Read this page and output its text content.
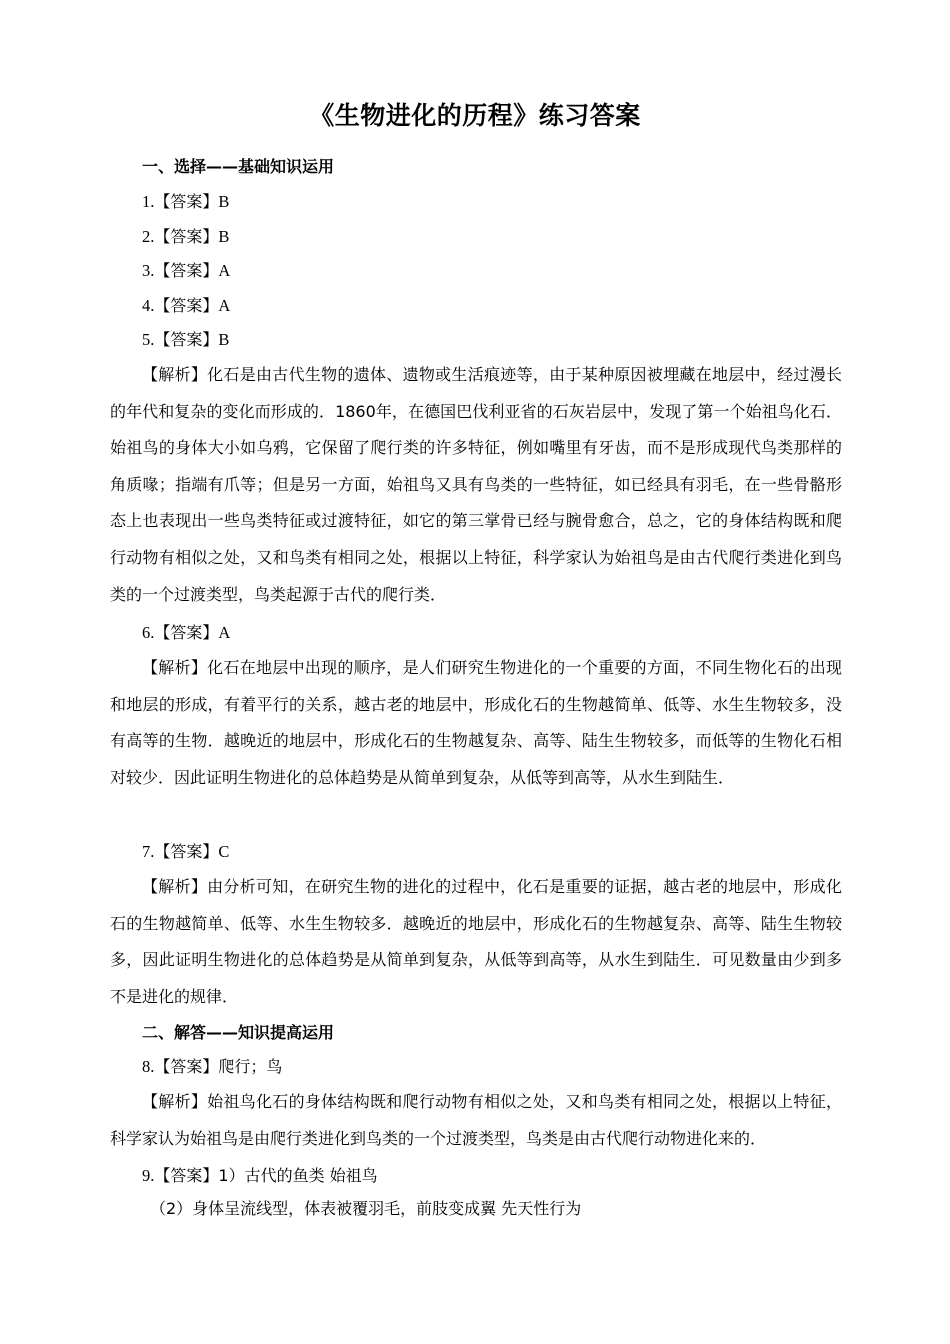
《生物进化的历程》练习答案
一、选择——基础知识运用
1.【答案】B
2.【答案】B
3.【答案】A
4.【答案】A
5.【答案】B
【解析】化石是由古代生物的遗体、遗物或生活痕迹等，由于某种原因被埋藏在地层中，经过漫长的年代和复杂的变化而形成的．1860年，在德国巴伐利亚省的石灰岩层中，发现了第一个始祖鸟化石．始祖鸟的身体大小如乌鸦，它保留了爬行类的许多特征，例如嘴里有牙齿，而不是形成现代鸟类那样的角质喙；指端有爪等；但是另一方面，始祖鸟又具有鸟类的一些特征，如已经具有羽毛，在一些骨骼形态上也表现出一些鸟类特征或过渡特征，如它的第三掌骨已经与腕骨愈合，总之，它的身体结构既和爬行动物有相似之处，又和鸟类有相同之处，根据以上特征，科学家认为始祖鸟是由古代爬行类进化到鸟类的一个过渡类型，鸟类起源于古代的爬行类．
6.【答案】A
【解析】化石在地层中出现的顺序，是人们研究生物进化的一个重要的方面，不同生物化石的出现和地层的形成，有着平行的关系，越古老的地层中，形成化石的生物越简单、低等、水生生物较多，没有高等的生物．越晚近的地层中，形成化石的生物越复杂、高等、陆生生物较多，而低等的生物化石相对较少．因此证明生物进化的总体趋势是从简单到复杂，从低等到高等，从水生到陆生．
7.【答案】C
【解析】由分析可知，在研究生物的进化的过程中，化石是重要的证据，越古老的地层中，形成化石的生物越简单、低等、水生生物较多．越晚近的地层中，形成化石的生物越复杂、高等、陆生生物较多，因此证明生物进化的总体趋势是从简单到复杂，从低等到高等，从水生到陆生．可见数量由少到多不是进化的规律．
二、解答——知识提高运用
8.【答案】爬行；鸟
【解析】始祖鸟化石的身体结构既和爬行动物有相似之处，又和鸟类有相同之处，根据以上特征，科学家认为始祖鸟是由爬行类进化到鸟类的一个过渡类型，鸟类是由古代爬行动物进化来的．
9.【答案】1）古代的鱼类 始祖鸟
（2）身体呈流线型，体表被覆羽毛，前肢变成翼 先天性行为
